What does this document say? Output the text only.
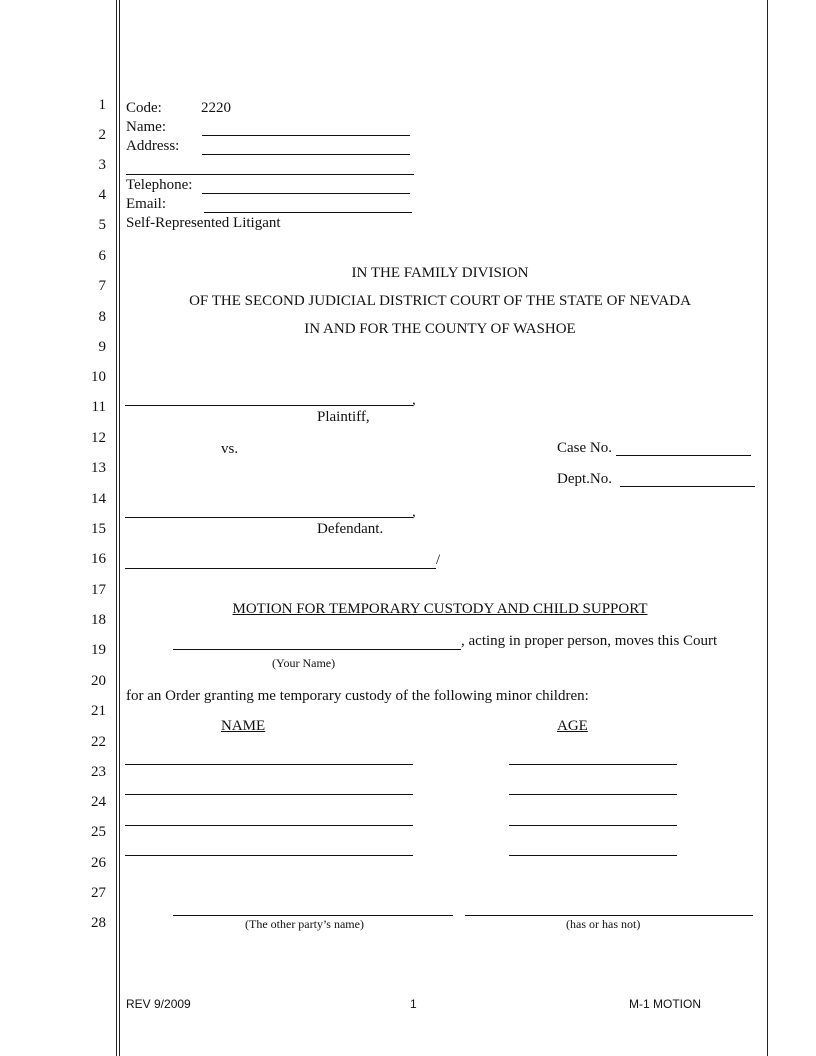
1
2
3
4
5
6
7
8
9
10
11
12
13
14
15
16
17
18
19
20
21
22
23
24
25
26
27
28
Code:	2220
Name:
Address:
Telephone:
Email:
Self-Represented Litigant
IN THE FAMILY DIVISION
OF THE SECOND JUDICIAL DISTRICT COURT OF THE STATE OF NEVADA
IN AND FOR THE COUNTY OF WASHOE
,
Plaintiff,
vs.	Case No.
Dept.No.
,
Defendant.
/
MOTION FOR TEMPORARY CUSTODY AND CHILD SUPPORT
, acting in proper person, moves this Court
(Your Name)
for an Order granting me temporary custody of the following minor children:
NAME	AGE
(The other party’s name)	(has or has not)
REV 9/2009	1	M-1 MOTION
